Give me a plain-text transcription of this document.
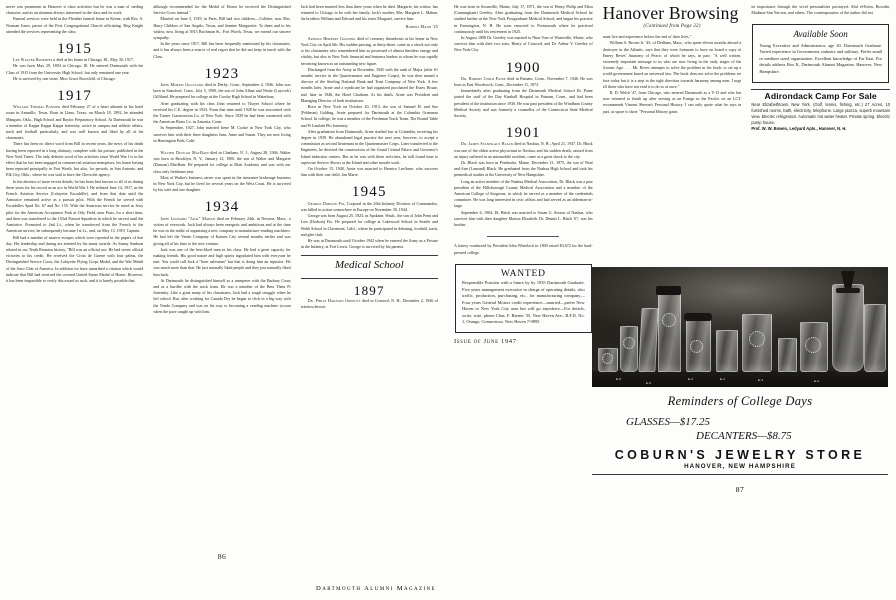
never was prominent in Hanover ir class activities but he was a man of sterling character, and as an alumnus always interested in the class and its work.

Funeral services were held in the Fleuther funeral home in Keene, with Rev. A. Norman Jones, pastor of the First Congregational Church officiating. Brig Knight attended the services representing the class.

1915

Lee Walter Rosenfeld died at his home in Chicago, Ill., May 30, 1917.

He was born May 29, 1894 in Chicago, Ill. He entered Dartmouth with the Class of 1915 from the University High School, but only remained one year.

He is survived by one sister, Miss Grace Rowsfeld, of Chicago.

1917

William Thomas Ponsier died February 27 of a heart ailment in his hotel room in Amarillo, Texas. Born in Llano, Texas, on March 18, 1892, he attended Mangum, Okla., High School and Baylor Preparatory School. At Dartmouth he was a member of Kappa Kappa Kappa fraternity, active in campus and athletic affairs, track and football particularly, and was well known and liked by all of his classmates.

There has been no direct word from Bill in recent years, the news of his death having been reported in a long obituary, complete with his picture, published in the New York Times. The only definite word of his activities since World War I is to the effect that he has been engaged in commercial aviation enterprises, his home having been reported principally in Fort Worth, but also, for periods, in San Antonio, and Elk City, Okla., where he was said to have the Chevrolet agency.

In the absence of more recent details, he has been best known to all of us during these years for his record as an ace in World War I. He enlisted June 14, 1917, in the French Aviation Service (Lafayette Escadrille), and from that date until the Armistice remained active as a pursuit pilot. With the French he served with Escadrilles Spad No. 67 and No. 155. With the American service he acted as ferry pilot for the American Acceptance Park at Orly Field, near Paris, for a short time, and then was transferred to the 103rd Pursuit Squadron in which he served until the Armistice. Promoted to 2nd Lt., when he transferred from the French to the American service, he subsequently became 1st Lt., and, on May 13, 1919, Captain.

Bill had a number of narrow escapes which were reported in the papers of that day. His leadership and daring are attested by his many awards. As Sunny Sanborn related in our Tenth Reunion history, "Bill was an official ace. He had seven official victories to his credit. He received the Croix de Guerre with four palms, the Distinguished Service Cross, the Lafayette Flying Corps Medal, and the War Medal of the Aero Club of America. In addition we have unearthed a citation which would indicate that Bill had received the coveted United States Medal of Honor. However, it has been impossible to verify this award as such, and it is barely possible that

although recommended for the Medal of Honor he received the Distinguished Service Cross instead."

Married on June 5, 1919, in Paris, Bill had two children,—Collette, now Mrs. Harry Childers of San Angelo, Texas, and Jeanine Marguerite. To them and to his widow, now living at 3913 Birchman St., Fort Worth, Texas, we extend our sincere sympathy.

In the years since 1917, Bill has been frequently mentioned by his classmates, and it has always been a source of real regret that he did not keep in touch with the Class.

1923

John Morris Gilliland died in Derby, Conn., September 4, 1946. John was born in Stamford, Conn., July 5, 1900, the son of John Alban and Nettie (Laycock) Gilliland. He prepared for college at the Crosby High School in Waterbury.

After graduating with his class John returned to Thayer School where he received his C.E. degree in 1923. From that time until 1928 he was associated with the Turner Construction Co. of New York. Since 1929 he had been connected with the American Brass Co. in Ansonia, Conn.

In September, 1927, John married Irene M. Cooke in New York City, who survives him with their three daughters Jean, Anne and Susan. They are now living in Huntington Park, Calif.

Walter Duncan MacBain died in Chatham, N. J., August 28, 1946. Walter was born in Brooklyn, N. Y., January 12, 1900, the son of Walter and Margaret (Duncan) MacBain. He prepared for college at Blair Academy and was with our class only freshman year.

Most of Walter's business career was spent in the insurance brokerage business in New York City, but he lived for several years on the West Coast. He is survived by his wife and one daughter.

1934

John Leonard "Jack" Mahan died on February 24th, in Newton, Mass., a victim of overwork. Jack had always been energetic and ambitious and at the time he was in the midst of organizing a new company to manufacture vending machines. He had left the Vendo Company of Kansas City several months earlier and was giving all of his time to the new venture.

Jack was one of the best-liked men in his class. He had a great capacity for making friends. His good nature and high spirits ingratiated him with everyone he met. You could call Jack a "born salesman" but that is doing him an injustice. He was much more than that. He just naturally liked people and they just naturally liked him back.

At Dartmouth he distinguished himself as a trumpeter with the Barbary Coast and as a hurdler with the track team. He was a member of the Beta Theta Pi fraternity. Like a great many of his classmates, Jack had a tough struggle when he left school. But, after working for Canada Dry he began to click in a big way with the Vendo Company and was on his way to becoming a vending machine tycoon when the pace caught up with him.

Jack had been married less than three years when he died. Margaret, his widow, has returned to Chicago to be with her family. Jack's mother, Mrs. Margaret L. Mahan, his brothers William and Edward and his sister Margaret, survive him.

Robert Mann '25

Arnold Herbert Golding died of coronary thrombosis at his home in New York City on April 6th. His sudden passing, at thirty-three, came as a shock not only to his classmates who remembered him as possessed of almost limitless energy and vitality, but also to New York financial and business leaders to whom he was rapidly becoming known as an outstanding new figure.

Discharged from the Army in December, 1945 with the rank of Major (after 61 months' service in the Quartermaster and Engineer Corps), he was then named a director of the Sterling National Bank and Trust Company of New York. A few months later, Arnie and a syndicate he had organized purchased the Essex House, and, later in 1946, the Hotel Chatham. At his death, Arnie was President and Managing Director of both institutions.

Born in New York on October 20, 1913, the son of Samuel H. and Sue (Feldman) Golding, Arnie prepared for Dartmouth at the Columbia Grammar School. In college, he was a member of the Freshman Track Team, The Round Table and Pi Lambda Phi fraternity.

After graduation from Dartmouth, Arnie studied law at Columbia, receiving his degree in 1939. He abandoned legal practice the next year, however, to accept a commission as second lieutenant in the Quartermaster Corps. Later transferred to the Engineers, he directed the construction of the Grand Central Palace and Governor's Island induction centers. But as he was with these activities, he still found time to supervise Service Shows at the Island and other morale work.

On October 15, 1940, Arnie was married to Bernice LeeAnne, who survives him with their one child, Jan Marie.

1945

George Dobson Fix, Corporal in the 26th Infantry Division of Commandos, was killed in action somewhere in Europe on November 30, 1944.

George was born August 25, 1923, in Spokane, Wash., the son of John Penn and Lois (Dodson) Fix. He prepared for college at Lakewood School in Seattle and Webb School in Claremont, Calif., where he participated in debating, football, track, and glee club.

He was at Dartmouth until October 1942 when he entered the Army as a Private in the Infantry, at Fort Lewis. George is survived by his parents.

Medical School
1897

Dr. Philip Hartson Greeley died in Concord, N. H., December 2, 1946 of arteriosclerosis.

86

He was born in Swanville, Maine, July 17, 1871, the son of Henry Philip and Eliza (Cunningham) Greeley. After graduating from the Dartmouth Medical School he studied further at the New York Postgraduate Medical School, and began his practise in Farmington, N. H. He soon removed to Portsmouth where he practised continuously until his retirement in 1925.

In August 1898 Dr. Greeley was married to Nina Vose of Waterville, Maine, who survives him with their two sons, Henry of Concord, and Dr. Arthur V. Greeley of New York City.

1900

Dr. Robert Child Paine died in Putnam, Conn., November 7, 1946. He was born in East Woodstock, Conn., December 11, 1873.

Immediately after graduating from the Dartmouth Medical School Dr. Paine joined the staff of the Day Kimball Hospital in Putnam, Conn., and had been president of the institution since 1930. He was past president of the Windham County Medical Society and was formerly a counsellor of the Connecticut State Medical Society.

1901

Dr. James Stanislaus Black died in Nashua, N. H., April 21, 1947. Dr. Black was one of the oldest active physicians in Nashua, and his sudden death, caused from an injury suffered in an automobile accident, came as a great shock to the city.

Dr. Black was born in Pembroke, Maine, December 21, 1875, the son of Neal and Ann (Lamond) Black. He graduated from the Nashua High School and took his premedical studies at the University of New Hampshire.

Long an active member of the Nashua Medical Association, Dr. Black was a past president of the Hillsborough County Medical Association and a member of the American College of Surgeons, in which he served as a member of the credentials committee. He was long interested in civic affairs and had served as an alderman-at-large.

September 6, 1904, Dr. Black was married to Susan G. Sexton of Nashua, who survives him with their daughter Marion Elizabeth. Dr. Dennis L. Black '07, was his brother.

A lottery conducted by President John Wheelock in 1800 raised $3,672 for the hard-pressed college.

WANTED
Responsible Position with a future by by 1935 Dartmouth Graduate. Five years management executive in charge of operating details, also traffic, production, purchasing, etc., for manufacturing company—Four years General Motors credit experience—married—prefer New Haven or New York City area but will go anywhere—For details, write, wire, phone Chas. F. Barnes '35, New Haven Ave., R.F.D. No. 1, Orange, Connecticut. New Haven 7-9895.
Issue of June 1947
Hanover Browsing
(Continued from Page 22)

must live and experience before the end of their lives."

William S. Brown Jr. '43, of Dedham, Mass., who spent eleven months aboard a destroyer in the Atlantic, says that they were fortunate to have on board a copy of Emery Reves' Anatomy of Peace, of which he says, in part: "A well written, extremely important message to us who are now living in the early stages of the Atomic Age. . . . Mr. Reves attempts to solve the problem in his book: to set up a world government based on universal law. The book does not solve the problems we face today but it is a step in the right direction towards harmony among men. I urge all those who have not read it to do so at once."

R. D. Welch '47, from Chicago, who entered Dartmouth as a V-12 and who has now returned to finish up after serving as an Ensign in the Pacific on an LCT, recommends Vincent Sheean's Personal History. I can only quote what he says in part, as space is short: "Personal History gains

its importance through the vivid personalities portrayed: Abd el-Krim, Borodin, Madame Sun Yat-sen, and others. The contemporaries of the author did not

Available Soon
Young Executive and Administrator, age 30. Dartmouth Graduate. Varied experience in Government, industry and military. Prefer small or medium sized organization. Excellent knowledge of Far East. For details address Box K, Dartmouth Alumni Magazine, Hanover, New Hampshire.
Adirondack Camp For Sale
Near Elizabethtown, New York. (Golf, tennis, fishing, etc.) 27 Acres, 10 furnished rooms, bath, electricity, telephone. Large piazza, superb mountain view. Electric refrigerator. Automatic hot water heater. Private spring. Electric pump house.
Prof. W. W. Bowen, Ledyard Apts., Hanover, N. H.
E-5
E-6
E-4	E-1	E-3	E-2
Reminders of College Days
GLASSES—$17.25
DECANTERS—$8.75
COBURN'S JEWELRY STORE
HANOVER, NEW HAMPSHIRE
87
Dartmouth Alumni Magazine
